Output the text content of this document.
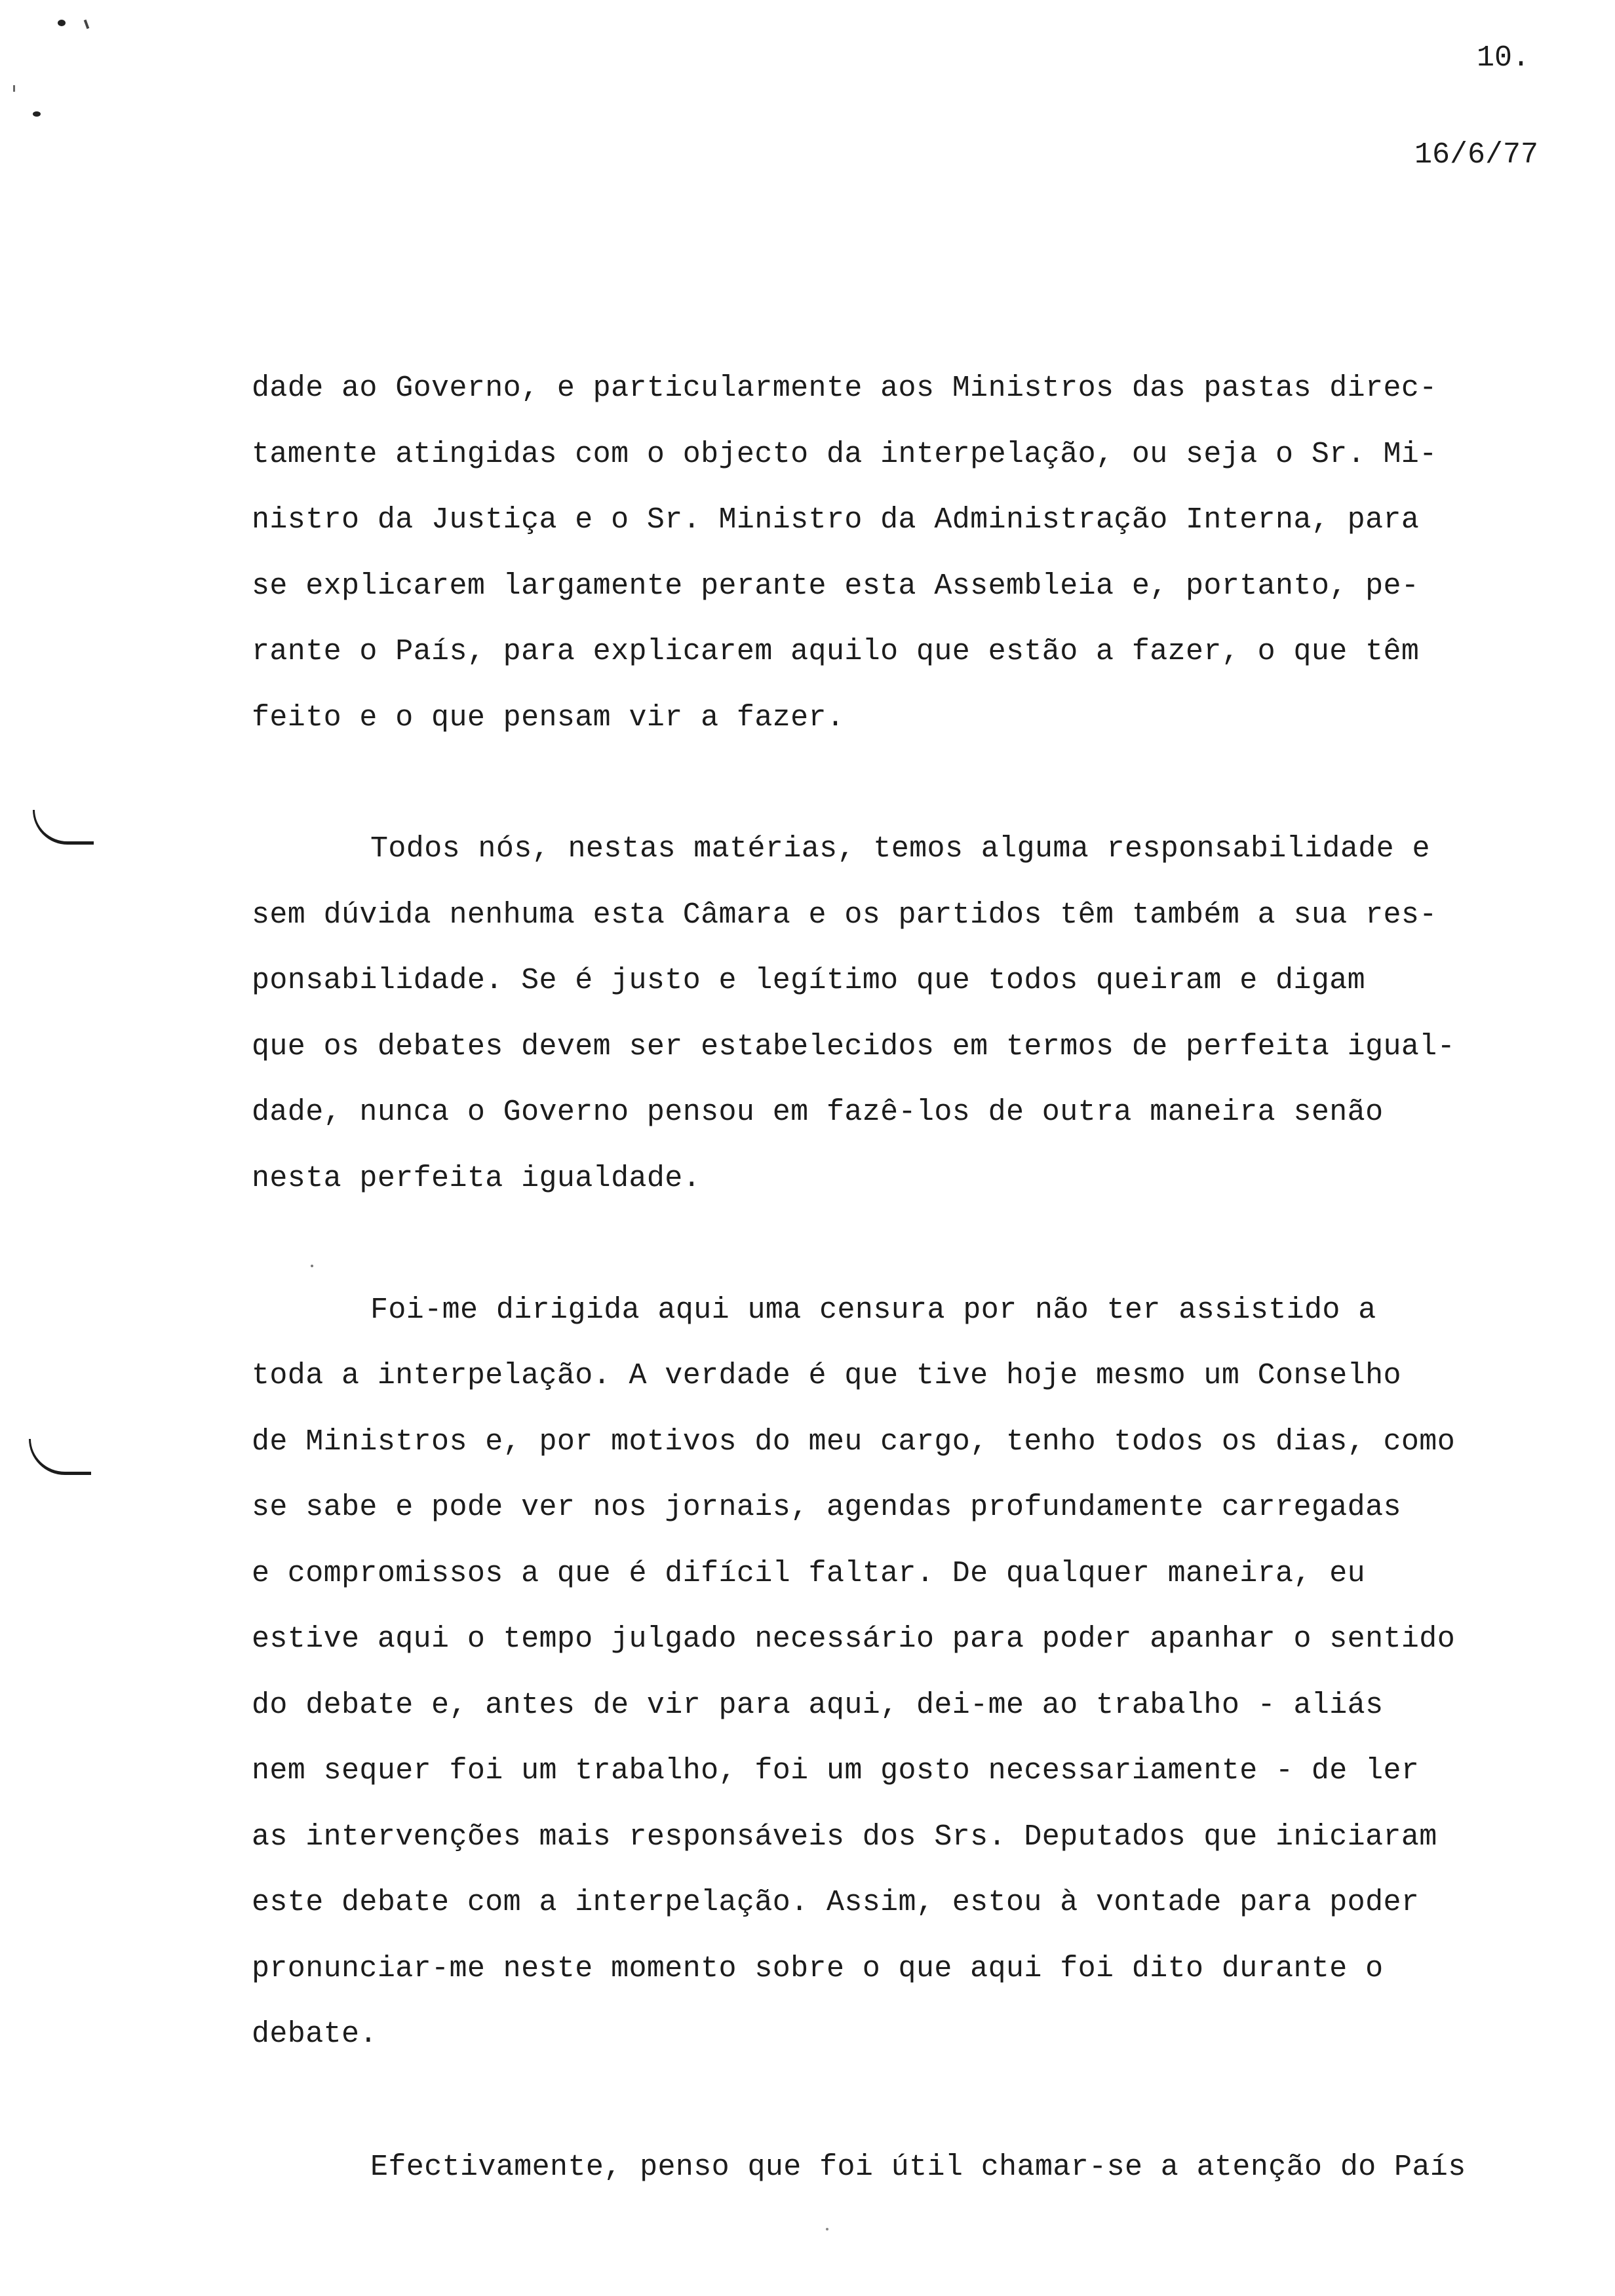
10.
16/6/77
dade ao Governo, e particularmente aos Ministros das pastas direc-
tamente atingidas com o objecto da interpelação, ou seja o Sr. Mi-
nistro da Justiça e o Sr. Ministro da Administração Interna, para
se explicarem largamente perante esta Assembleia e, portanto, pe-
rante o País, para explicarem aquilo que estão a fazer, o que têm
feito e o que pensam vir a fazer.
Todos nós, nestas matérias, temos alguma responsabilidade e
sem dúvida nenhuma esta Câmara e os partidos têm também a sua res-
ponsabilidade. Se é justo e legítimo que todos queiram e digam
que os debates devem ser estabelecidos em termos de perfeita igual-
dade, nunca o Governo pensou em fazê-los de outra maneira senão
nesta perfeita igualdade.
Foi-me dirigida aqui uma censura por não ter assistido a
toda a interpelação. A verdade é que tive hoje mesmo um Conselho
de Ministros e, por motivos do meu cargo, tenho todos os dias, como
se sabe e pode ver nos jornais, agendas profundamente carregadas
e compromissos a que é difícil faltar. De qualquer maneira, eu
estive aqui o tempo julgado necessário para poder apanhar o sentido
do debate e, antes de vir para aqui, dei-me ao trabalho - aliás
nem sequer foi um trabalho, foi um gosto necessariamente - de ler
as intervenções mais responsáveis dos Srs. Deputados que iniciaram
este debate com a interpelação. Assim, estou à vontade para poder
pronunciar-me neste momento sobre o que aqui foi dito durante o
debate.
Efectivamente, penso que foi útil chamar-se a atenção do País
